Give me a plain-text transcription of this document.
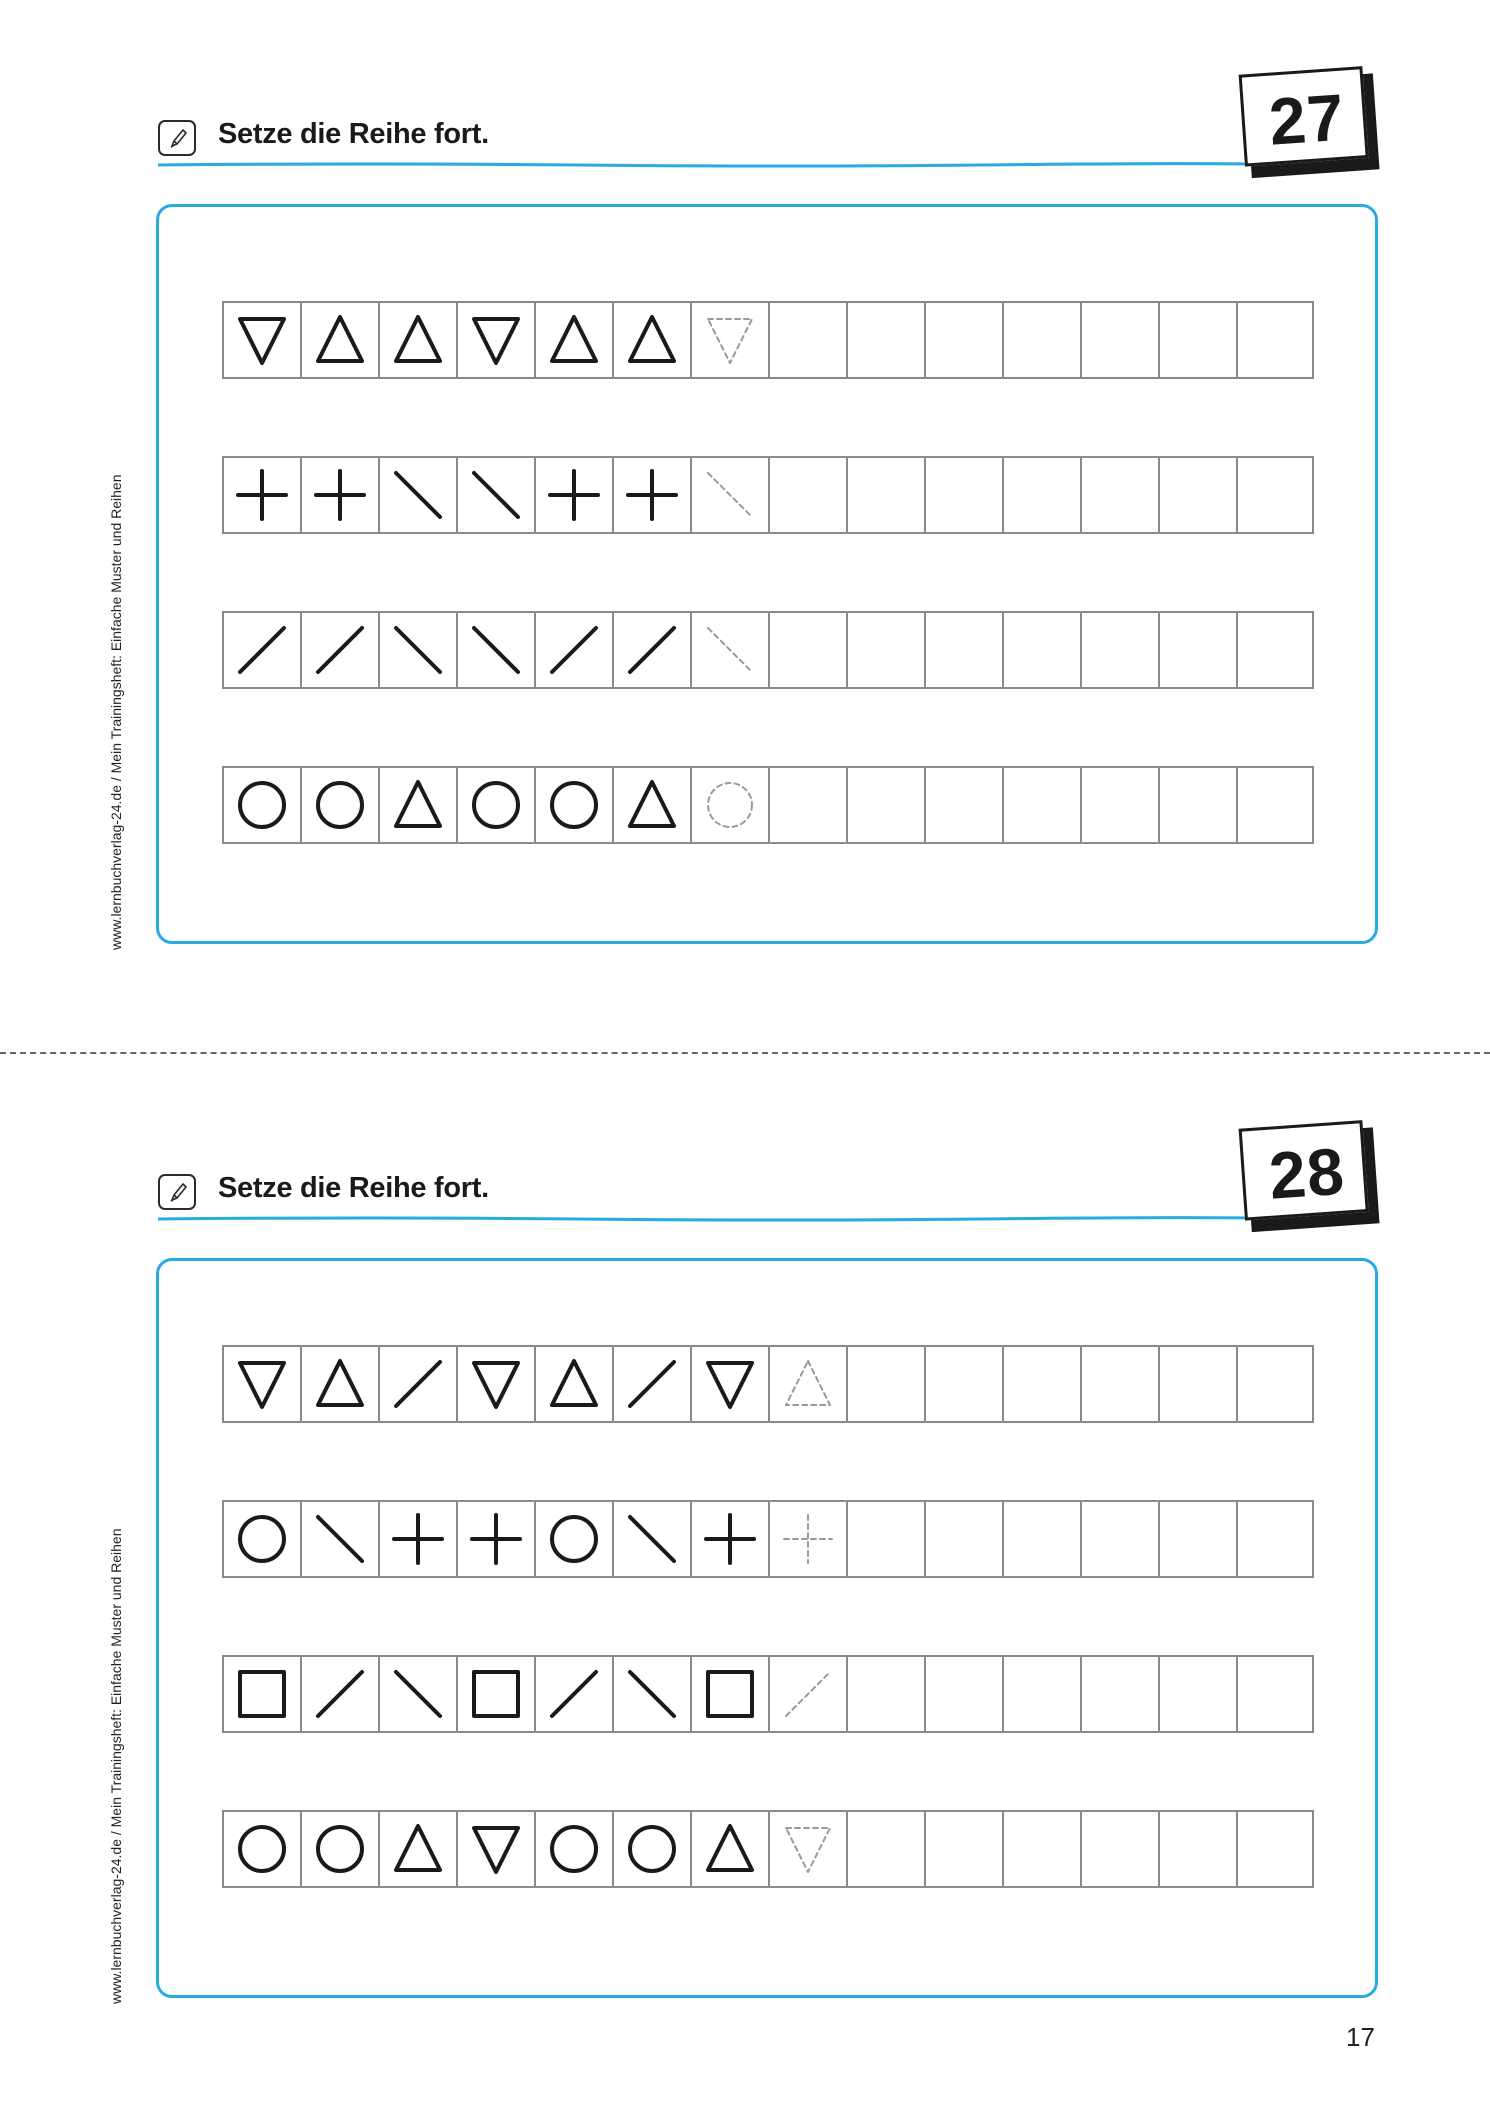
Setze die Reihe fort.	27
www.lernbuchverlag-24.de / Mein Trainingsheft: Einfache Muster und Reihen
Setze die Reihe fort.	28
www.lernbuchverlag-24.de / Mein Trainingsheft: Einfache Muster und Reihen
17
